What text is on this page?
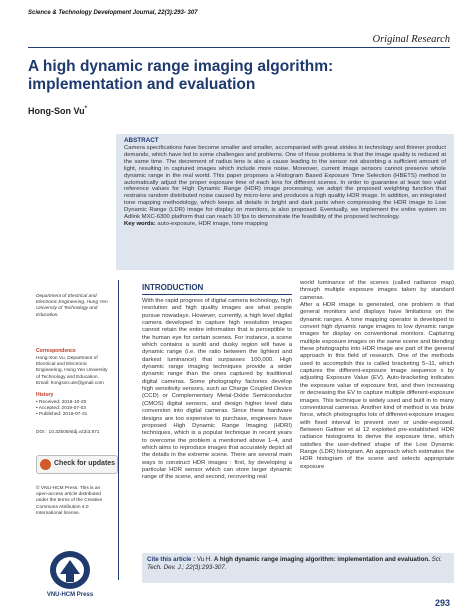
Science & Technology Development Journal, 22(3):293- 307
Original Research
A high dynamic range imaging algorithm: implementation and evaluation
Hong-Son Vu*
ABSTRACT
Camera specifications have become smaller and smaller, accompanied with great strides in technology and thinner product demands, which have led to some challenges and problems. One of those problems is that the image quality is reduced at the same time. The decrement of radius lens is also a cause leading to the sensor not absorbing a sufficient amount of light, resulting in captured images which include more noise. Moreover, current image sensors cannot preserve whole dynamic range in the real world. This paper proposes a Histogram Based Exposure Time Selection (HBETS) method to automatically adjust the proper exposure time of each lens for different scenes. In order to guarantee at least two valid reference values for High Dynamic Range (HDR) image processing, we adopt the proposed weighting function that restrains random distributed noise caused by micro-lens and produces a high quality HDR image. In addition, an integrated tone mapping methodology, which keeps all details in bright and dark parts when compressing the HDR image to Low Dynamic Range (LDR) image for display on monitors, is also proposed. Eventually, we implement the entire system on Adlink MXC-6300 platform that can reach 10 fps to demonstrate the feasibility of the proposed technology.
Key words: auto-exposure, HDR image, tone mapping
Department of Electrical and Electronic Engineering, Hung Yen University of Technology and Education.
Correspondence
Hong-Son Vu, Department of Electrical and Electronic Engineering, Hung Yen University of Technology and Education.
Email: hongson.ute@gmail.com
History
• Received: 2018-10-25
• Accepted: 2019-07-03
• Published: 2019-07-31
DOI : 10.32508/stdj.v22i3.871
Check for updates
© VNU-HCM Press. This is an open-access article distributed under the terms of the Creative Commons Attribution 4.0 International license.
VNU-HCM Press
INTRODUCTION

With the rapid progress of digital camera technology, high resolution and high quality images are what people pursue nowadays. However, currently, a high level digital camera developed to capture high resolution images cannot retain the entire information that is perceptible to the human eye for certain scenes. For instance, a scene which contains a sunlit and dusky region will have a dynamic range (i.e. the ratio between the lightest and darkest luminance) that surpasses 100,000. High dynamic range imaging techniques provide a wider dynamic range than the ones captured by traditional digital cameras. Some photography factories develop high sensitivity sensors, such as Charge Coupled Device (CCD) or Complementary Metal-Oxide Semiconductor (CMOS) digital sensors, and design higher level data conversion into digital cameras. Since these hardware designs are too expensive to purchase, engineers have proposed High Dynamic Range Imaging (HDRI) techniques, which is a popular technique in recent years to overcome the problem a mentioned above 1–4, and which aims to reproduce images that accurately depict all the details in the extreme scene. There are several main ways to construct HDR images : first, by developing a particular HDR sensor which can store larger dynamic range of the scene, and second, recovering real

world luminance of the scenes (called radiance map) through multiple exposure images taken by standard cameras.

After a HDR image is generated, one problem is that general monitors and displays have limitations on the dynamic ranges. A tone mapping operator is developed to convert high dynamic range images to low dynamic range images for display on conventional monitors. Capturing multiple exposure images on the same scene and blending these photographs into HDR image are part of the general approach in this field of research. One of the methods used to accomplish this is called bracketing 5–11, which captures the different-exposure image sequence s by adjusting Exposure Value (EV). Auto-bracketing indicates the exposure value of exposure first, and then increasing or decreasing the EV to capture multiple different-exposure images. This technique is widely used and built in to many conventional cameras. Another kind of method is via brute force, which photographs lots of different-exposure images with fixed interval to prevent over or under-exposed. Between Gattner et al 12 exploited pre-established HDR radiance histograms to derive the exposure time, which satisfies the user-defined shape of the Low Dynamic Range (LDR) histogram. An approach which estimates the HDR histogram of the scene and selects appropriate exposure

Cite this article : Vu H. A high dynamic range imaging algorithm: implementation and evaluation. Sci. Tech. Dev. J.; 22(3):293-307.
293
